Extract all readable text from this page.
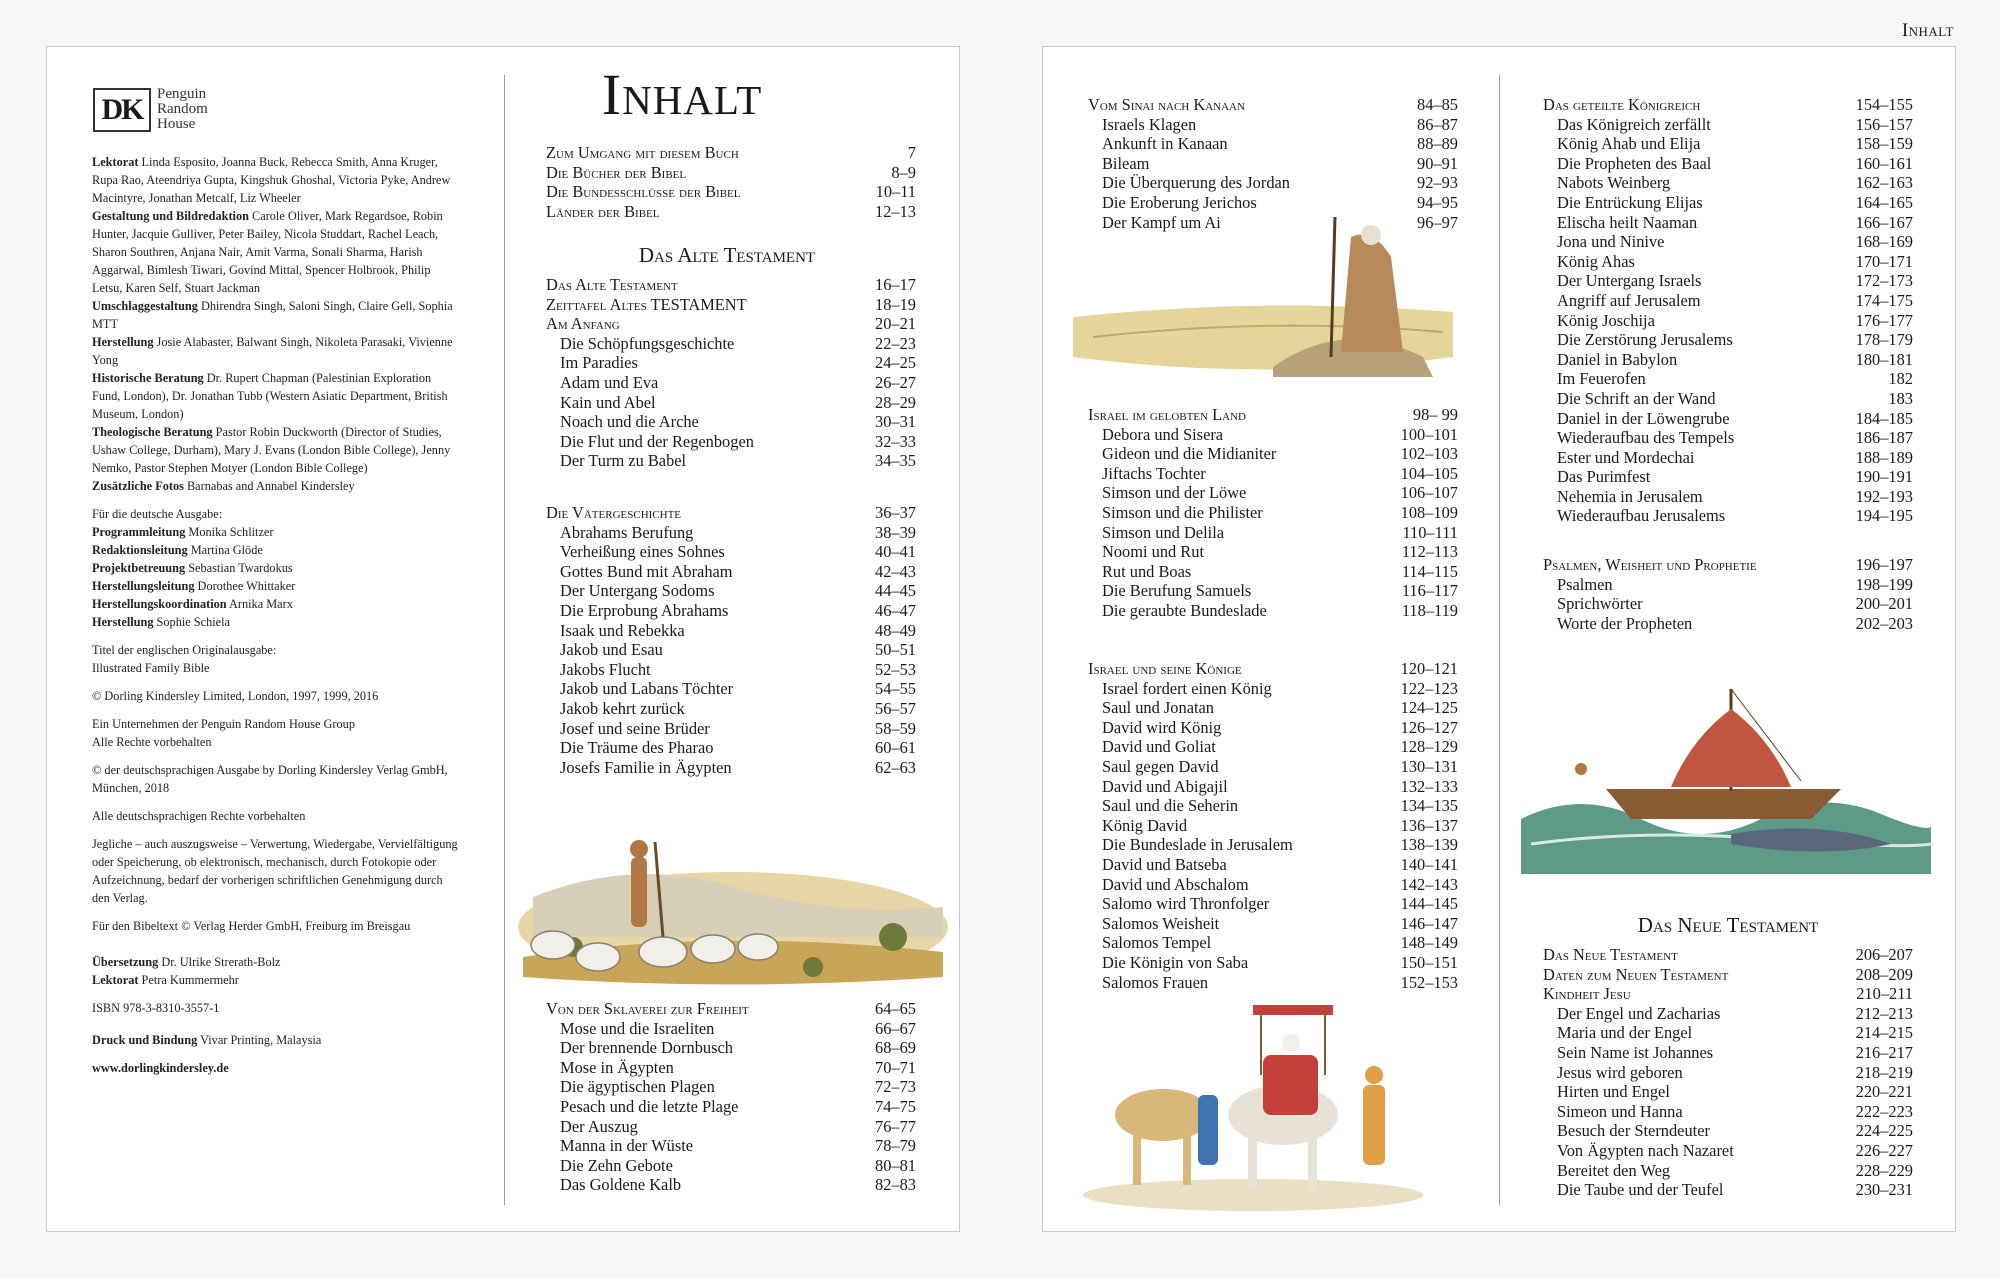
Inhalt
DK Penguin
Random
House

Lektorat Linda Esposito, Joanna Buck, Rebecca Smith, Anna Kruger, Rupa Rao, Ateendriya Gupta, Kingshuk Ghoshal, Victoria Pyke, Andrew Macintyre, Jonathan Metcalf, Liz Wheeler

Gestaltung und Bildredaktion Carole Oliver, Mark Regardsoe, Robin Hunter, Jacquie Gulliver, Peter Bailey, Nicola Studdart, Rachel Leach, Sharon Southren, Anjana Nair, Amit Varma, Sonali Sharma, Harish Aggarwal, Bimlesh Tiwari, Govind Mittal, Spencer Holbrook, Philip Letsu, Karen Self, Stuart Jackman

Umschlaggestaltung Dhirendra Singh, Saloni Singh, Claire Gell, Sophia MTT

Herstellung Josie Alabaster, Balwant Singh, Nikoleta Parasaki, Vivienne Yong

Historische Beratung Dr. Rupert Chapman (Palestinian Exploration Fund, London), Dr. Jonathan Tubb (Western Asiatic Department, British Museum, London)

Theologische Beratung Pastor Robin Duckworth (Director of Studies, Ushaw College, Durham), Mary J. Evans (London Bible College), Jenny Nemko, Pastor Stephen Motyer (London Bible College)

Zusätzliche Fotos Barnabas and Annabel Kindersley

Für die deutsche Ausgabe:

Programmleitung Monika Schlitzer

Redaktionsleitung Martina Glöde

Projektbetreuung Sebastian Twardokus

Herstellungsleitung Dorothee Whittaker

Herstellungskoordination Arnika Marx

Herstellung Sophie Schiela

Titel der englischen Originalausgabe:

Illustrated Family Bible

© Dorling Kindersley Limited, London, 1997, 1999, 2016

Ein Unternehmen der Penguin Random House Group

Alle Rechte vorbehalten

© der deutschsprachigen Ausgabe by Dorling Kindersley Verlag GmbH, München, 2018

Alle deutschsprachigen Rechte vorbehalten

Jegliche – auch auszugsweise – Verwertung, Wiedergabe, Vervielfältigung oder Speicherung, ob elektronisch, mechanisch, durch Fotokopie oder Aufzeichnung, bedarf der vorherigen schriftlichen Genehmigung durch den Verlag.

Für den Bibeltext © Verlag Herder GmbH, Freiburg im Breisgau

Übersetzung Dr. Ulrike Strerath-Bolz

Lektorat Petra Kummermehr

ISBN 978-3-8310-3557-1

Druck und Bindung Vivar Printing, Malaysia

www.dorlingkindersley.de

Inhalt
Zum Umgang mit diesem Buch	7
Die Bücher der Bibel	8–9
Die Bundesschlüsse der Bibel	10–11
Länder der Bibel	12–13
Das Alte Testament
Das Alte Testament	16–17
Zeittafel Altes TESTAMENT	18–19
Am Anfang	20–21
Die Schöpfungsgeschichte	22–23
Im Paradies	24–25
Adam und Eva	26–27
Kain und Abel	28–29
Noach und die Arche	30–31
Die Flut und der Regenbogen	32–33
Der Turm zu Babel	34–35
Die Vätergeschichte	36–37
Abrahams Berufung	38–39
Verheißung eines Sohnes	40–41
Gottes Bund mit Abraham	42–43
Der Untergang Sodoms	44–45
Die Erprobung Abrahams	46–47
Isaak und Rebekka	48–49
Jakob und Esau	50–51
Jakobs Flucht	52–53
Jakob und Labans Töchter	54–55
Jakob kehrt zurück	56–57
Josef und seine Brüder	58–59
Die Träume des Pharao	60–61
Josefs Familie in Ägypten	62–63
Von der Sklaverei zur Freiheit	64–65
Mose und die Israeliten	66–67
Der brennende Dornbusch	68–69
Mose in Ägypten	70–71
Die ägyptischen Plagen	72–73
Pesach und die letzte Plage	74–75
Der Auszug	76–77
Manna in der Wüste	78–79
Die Zehn Gebote	80–81
Das Goldene Kalb	82–83
Vom Sinai nach Kanaan	84–85
Israels Klagen	86–87
Ankunft in Kanaan	88–89
Bileam	90–91
Die Überquerung des Jordan	92–93
Die Eroberung Jerichos	94–95
Der Kampf um Ai	96–97
Israel im gelobten Land	98– 99
Debora und Sisera	100–101
Gideon und die Midianiter	102–103
Jiftachs Tochter	104–105
Simson und der Löwe	106–107
Simson und die Philister	108–109
Simson und Delila	110–111
Noomi und Rut	112–113
Rut und Boas	114–115
Die Berufung Samuels	116–117
Die geraubte Bundeslade	118–119
Israel und seine Könige	120–121
Israel fordert einen König	122–123
Saul und Jonatan	124–125
David wird König	126–127
David und Goliat	128–129
Saul gegen David	130–131
David und Abigajil	132–133
Saul und die Seherin	134–135
König David	136–137
Die Bundeslade in Jerusalem	138–139
David und Batseba	140–141
David und Abschalom	142–143
Salomo wird Thronfolger	144–145
Salomos Weisheit	146–147
Salomos Tempel	148–149
Die Königin von Saba	150–151
Salomos Frauen	152–153
Das geteilte Königreich	154–155
Das Königreich zerfällt	156–157
König Ahab und Elija	158–159
Die Propheten des Baal	160–161
Nabots Weinberg	162–163
Die Entrückung Elijas	164–165
Elischa heilt Naaman	166–167
Jona und Ninive	168–169
König Ahas	170–171
Der Untergang Israels	172–173
Angriff auf Jerusalem	174–175
König Joschija	176–177
Die Zerstörung Jerusalems	178–179
Daniel in Babylon	180–181
Im Feuerofen	182
Die Schrift an der Wand	183
Daniel in der Löwengrube	184–185
Wiederaufbau des Tempels	186–187
Ester und Mordechai	188–189
Das Purimfest	190–191
Nehemia in Jerusalem	192–193
Wiederaufbau Jerusalems	194–195
Psalmen, Weisheit und Prophetie	196–197
Psalmen	198–199
Sprichwörter	200–201
Worte der Propheten	202–203
Das Neue Testament
Das Neue Testament	206–207
Daten zum Neuen Testament	208–209
Kindheit Jesu	210–211
Der Engel und Zacharias	212–213
Maria und der Engel	214–215
Sein Name ist Johannes	216–217
Jesus wird geboren	218–219
Hirten und Engel	220–221
Simeon und Hanna	222–223
Besuch der Sterndeuter	224–225
Von Ägypten nach Nazaret	226–227
Bereitet den Weg	228–229
Die Taube und der Teufel	230–231
